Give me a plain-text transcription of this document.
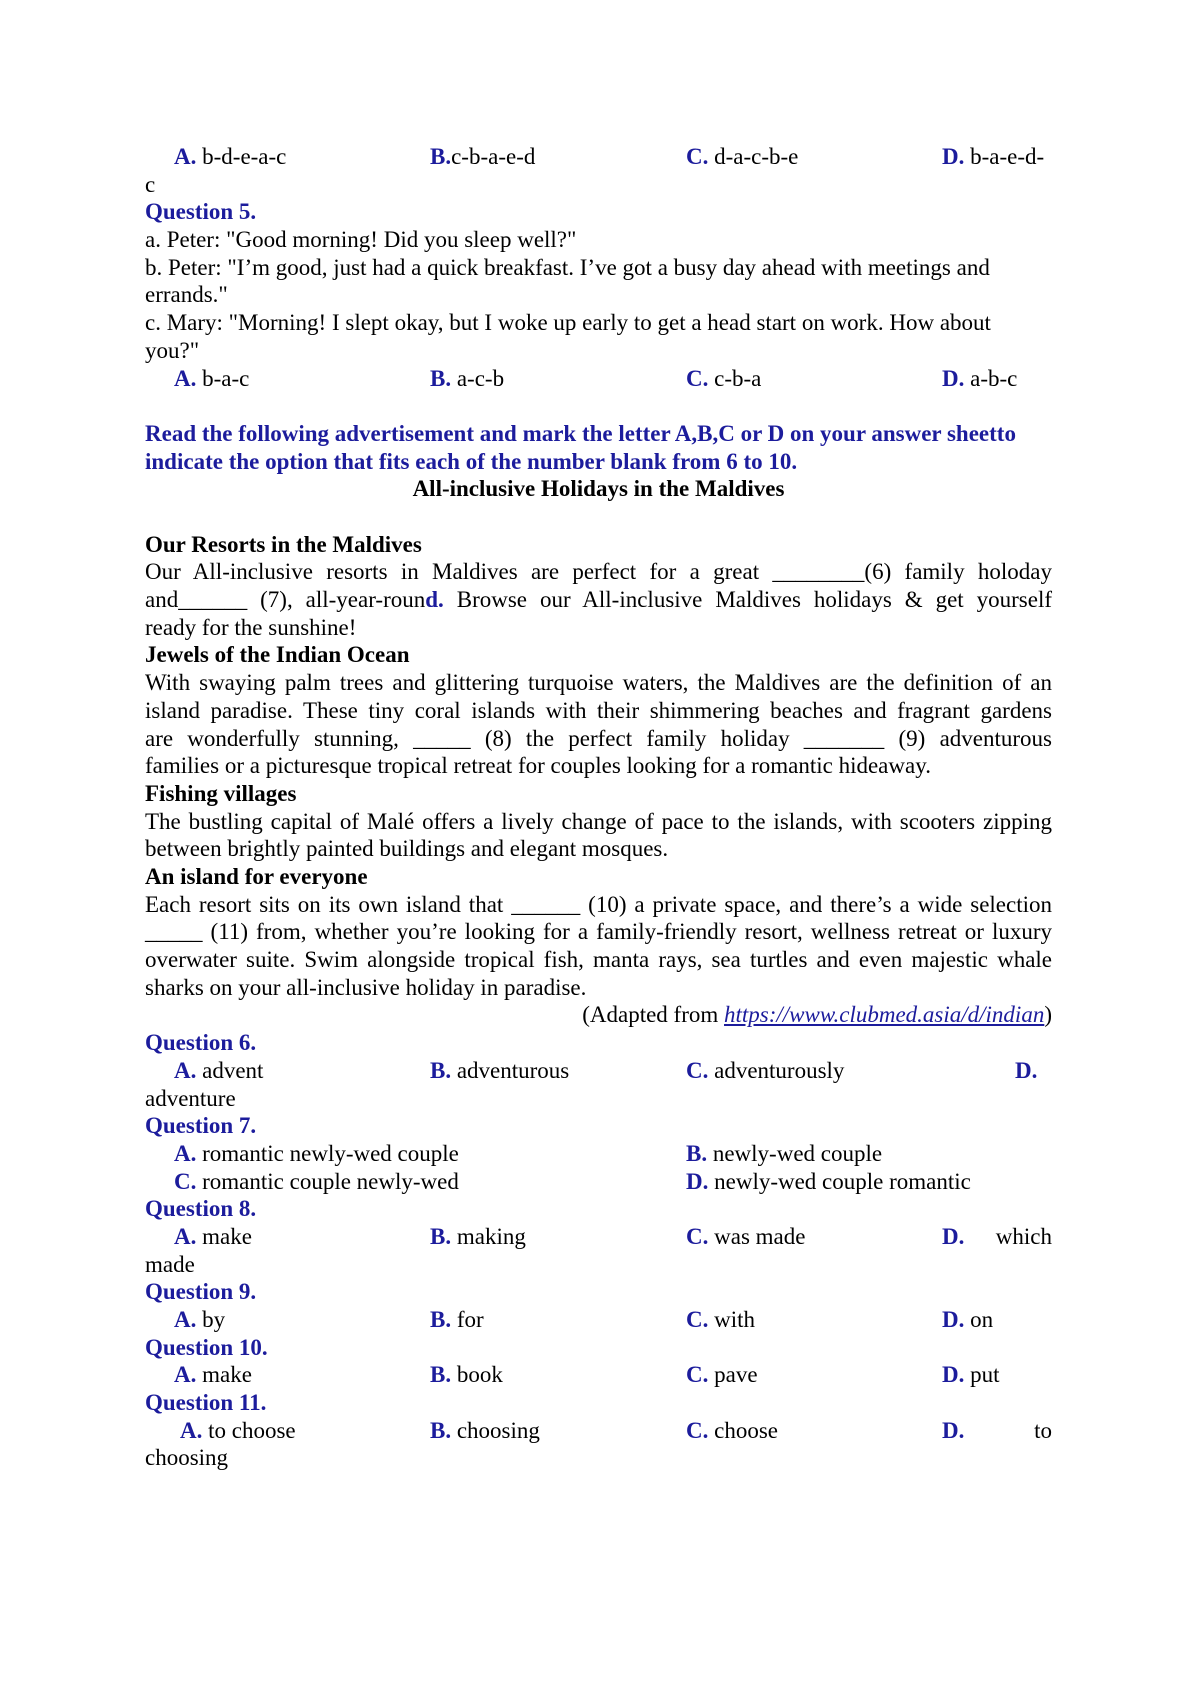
A. b-d-e-a-c	B.c-b-a-e-d	C. d-a-c-b-e	D. b-a-e-d-
c
Question 5.
a. Peter: "Good morning! Did you sleep well?"
b. Peter: "I’m good, just had a quick breakfast. I’ve got a busy day ahead with meetings and
errands."
c. Mary: "Morning! I slept okay, but I woke up early to get a head start on work. How about
you?"
A. b-a-c	B. a-c-b	C. c-b-a	D. a-b-c
Read the following advertisement and mark the letter A,B,C or D on your answer sheetto
indicate the option that fits each of the number blank from 6 to 10.
All-inclusive Holidays in the Maldives
Our Resorts in the Maldives
Our All-inclusive resorts in Maldives are perfect for a great ________(6) family holoday
and______ (7), all-year-round. Browse our All-inclusive Maldives holidays & get yourself
ready for the sunshine!
Jewels of the Indian Ocean
With swaying palm trees and glittering turquoise waters, the Maldives are the definition of an
island paradise. These tiny coral islands with their shimmering beaches and fragrant gardens
are wonderfully stunning, _____ (8) the perfect family holiday _______ (9) adventurous
families or a picturesque tropical retreat for couples looking for a romantic hideaway.
Fishing villages
The bustling capital of Malé offers a lively change of pace to the islands, with scooters zipping
between brightly painted buildings and elegant mosques.
An island for everyone
Each resort sits on its own island that ______ (10) a private space, and there’s a wide selection
_____ (11) from, whether you’re looking for a family-friendly resort, wellness retreat or luxury
overwater suite. Swim alongside tropical fish, manta rays, sea turtles and even majestic whale
sharks on your all-inclusive holiday in paradise.
(Adapted from https://www.clubmed.asia/d/indian)
Question 6.
A. advent	B. adventurous	C. adventurously	D.
adventure
Question 7.
A. romantic newly-wed couple	B. newly-wed couple
C. romantic couple newly-wed	D. newly-wed couple romantic
Question 8.
A. make	B. making	C. was made	D. which
made
Question 9.
A. by	B. for	C. with	D. on
Question 10.
A. make	B. book	C. pave	D. put
Question 11.
A. to choose	B. choosing	C. choose	D.	to
choosing
